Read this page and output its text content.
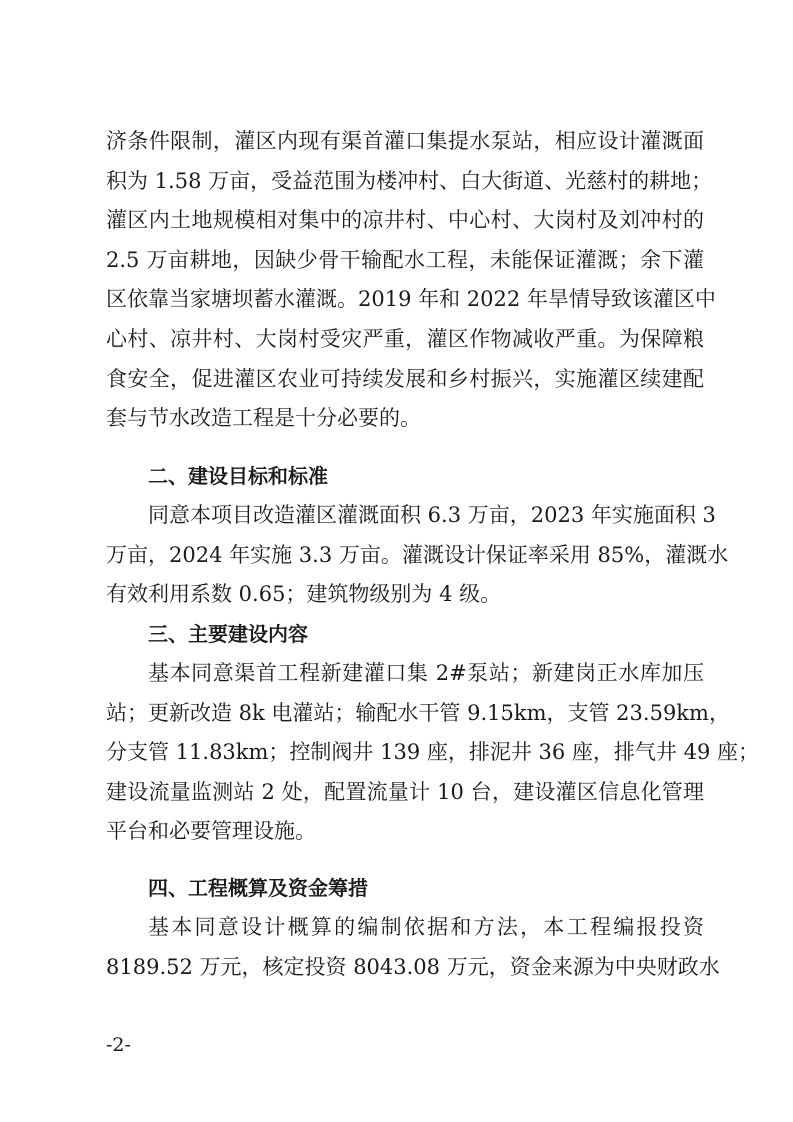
济条件限制，灌区内现有渠首灌口集提水泵站，相应设计灌溉面
积为 1.58 万亩，受益范围为楼冲村、白大街道、光慈村的耕地；
灌区内土地规模相对集中的凉井村、中心村、大岗村及刘冲村的
2.5 万亩耕地，因缺少骨干输配水工程，未能保证灌溉；余下灌
区依靠当家塘坝蓄水灌溉。2019 年和 2022 年旱情导致该灌区中
心村、凉井村、大岗村受灾严重，灌区作物减收严重。为保障粮
食安全，促进灌区农业可持续发展和乡村振兴，实施灌区续建配
套与节水改造工程是十分必要的。
二、建设目标和标准
同意本项目改造灌区灌溉面积 6.3 万亩，2023 年实施面积 3
万亩，2024 年实施 3.3 万亩。灌溉设计保证率采用 85%，灌溉水
有效利用系数 0.65；建筑物级别为 4 级。
三、主要建设内容
基本同意渠首工程新建灌口集 2#泵站；新建岗正水库加压
站；更新改造 8k 电灌站；输配水干管 9.15km，支管 23.59km，
分支管 11.83km；控制阀井 139 座，排泥井 36 座，排气井 49 座；
建设流量监测站 2 处，配置流量计 10 台，建设灌区信息化管理
平台和必要管理设施。
四、工程概算及资金筹措
基本同意设计概算的编制依据和方法，本工程编报投资
8189.52 万元，核定投资 8043.08 万元，资金来源为中央财政水
-2-
